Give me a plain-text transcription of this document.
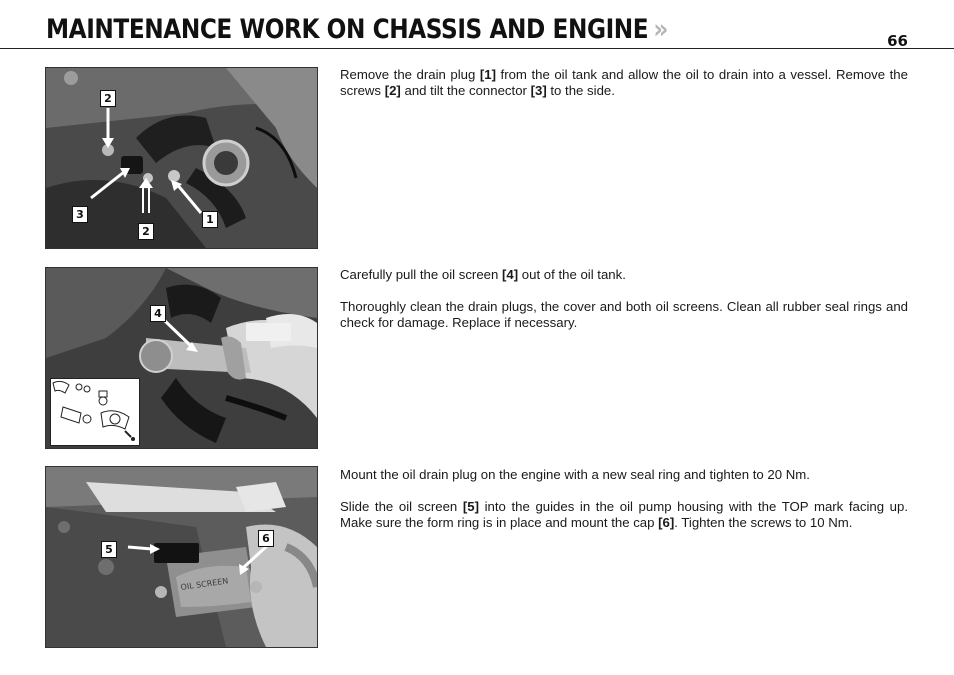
MAINTENANCE WORK ON CHASSIS AND ENGINE »	66
2
3
2
1

Remove the drain plug [1] from the oil tank and allow the oil to drain into a vessel. Remove the screws [2] and tilt the connector [3] to the side.

4

Carefully pull the oil screen [4] out of the oil tank.

Thoroughly clean the drain plugs, the cover and both oil screens. Clean all rubber seal rings and check for damage. Replace if necessary.

OIL SCREEN
5
6

Mount the oil drain plug on the engine with a new seal ring and tighten to 20 Nm.

Slide the oil screen [5] into the guides in the oil pump housing with the TOP mark facing up. Make sure the form ring is in place and mount the cap [6]. Tighten the screws to 10 Nm.
